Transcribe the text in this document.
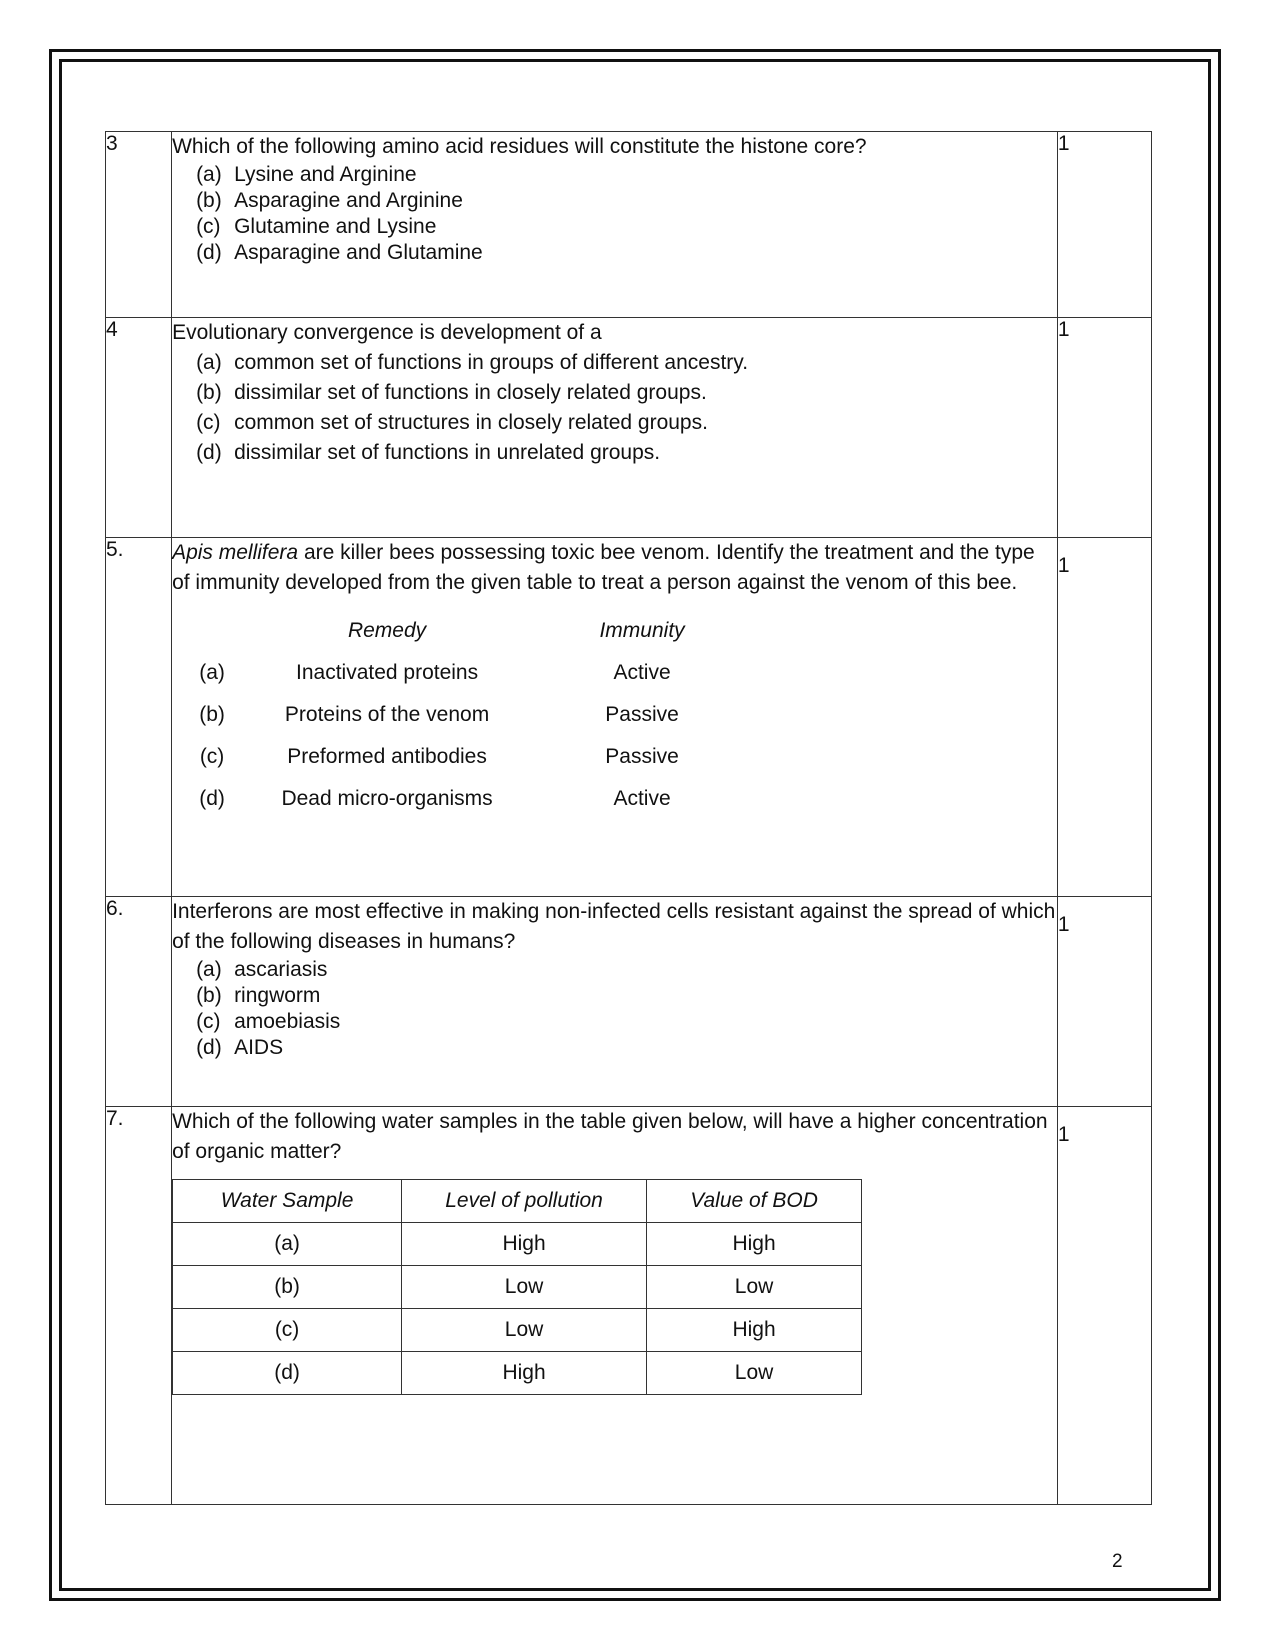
3	Which of the following amino acid residues will constitute the histone core?

(a) Lysine and Arginine
(b) Asparagine and Arginine
(c) Glutamine and Lysine
(d) Asparagine and Glutamine
	1
4	Evolutionary convergence is development of a

(a) common set of functions in groups of different ancestry.
(b) dissimilar set of functions in closely related groups.
(c) common set of structures in closely related groups.
(d) dissimilar set of functions in unrelated groups.
	1
5.	Apis mellifera are killer bees possessing toxic bee venom. Identify the treatment and the type of immunity developed from the given table to treat a person against the venom of this bee.

Remedy	Immunity
(a)	Inactivated proteins	Active
(b)	Proteins of the venom	Passive
(c)	Preformed antibodies	Passive
(d)	Dead micro-organisms	Active
	1
6.	Interferons are most effective in making non-infected cells resistant against the spread of which of the following diseases in humans?

(a) ascariasis
(b) ringworm
(c) amoebiasis
(d) AIDS
	1
7.	Which of the following water samples in the table given below, will have a higher concentration of organic matter?

Water Sample	Level of pollution	Value of BOD
(a)	High	High
(b)	Low	Low
(c)	Low	High
(d)	High	Low
	1
2
